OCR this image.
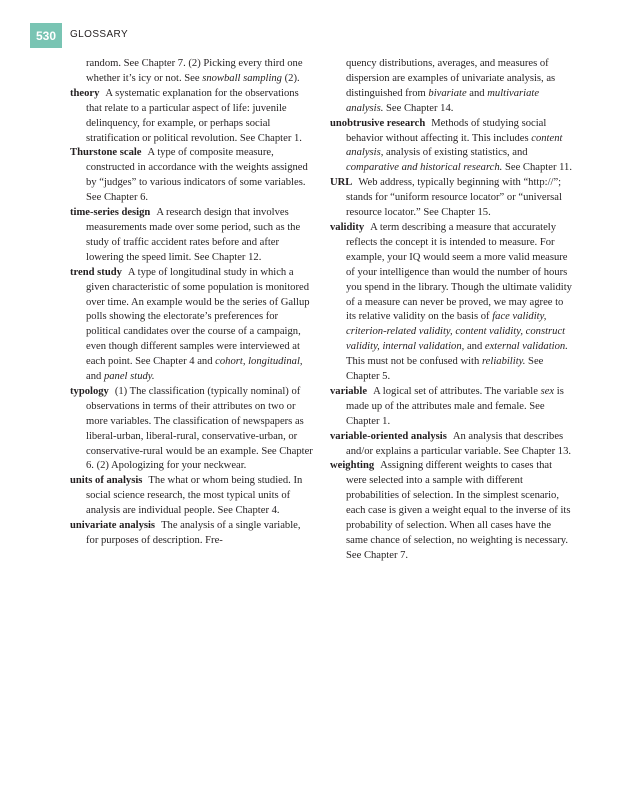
530	GLOSSARY

random. See Chapter 7. (2) Picking every third one whether it’s icy or not. See snowball sampling (2).

theory A systematic explanation for the observations that relate to a particular aspect of life: juvenile delinquency, for example, or perhaps social stratification or political revolution. See Chapter 1.

Thurstone scale A type of composite measure, constructed in accordance with the weights assigned by “judges” to various indicators of some variables. See Chapter 6.

time-series design A research design that involves measurements made over some period, such as the study of traffic accident rates before and after lowering the speed limit. See Chapter 12.

trend study A type of longitudinal study in which a given characteristic of some population is monitored over time. An example would be the series of Gallup polls showing the electorate’s preferences for political candidates over the course of a campaign, even though different samples were interviewed at each point. See Chapter 4 and cohort, longitudinal, and panel study.

typology (1) The classification (typically nominal) of observations in terms of their attributes on two or more variables. The classification of newspapers as liberal-urban, liberal-rural, conservative-urban, or conservative-rural would be an example. See Chapter 6. (2) Apologizing for your neckwear.

units of analysis The what or whom being studied. In social science research, the most typical units of analysis are individual people. See Chapter 4.

univariate analysis The analysis of a single variable, for purposes of description. Fre-

quency distributions, averages, and measures of dispersion are examples of univariate analysis, as distinguished from bivariate and multivariate analysis. See Chapter 14.

unobtrusive research Methods of studying social behavior without affecting it. This includes content analysis, analysis of existing statistics, and comparative and historical research. See Chapter 11.

URL Web address, typically beginning with “http://”; stands for “uniform resource locator” or “universal resource locator.” See Chapter 15.

validity A term describing a measure that accurately reflects the concept it is intended to measure. For example, your IQ would seem a more valid measure of your intelligence than would the number of hours you spend in the library. Though the ultimate validity of a measure can never be proved, we may agree to its relative validity on the basis of face validity, criterion-related validity, content validity, construct validity, internal validation, and external validation. This must not be confused with reliability. See Chapter 5.

variable A logical set of attributes. The variable sex is made up of the attributes male and female. See Chapter 1.

variable-oriented analysis An analysis that describes and/or explains a particular variable. See Chapter 13.

weighting Assigning different weights to cases that were selected into a sample with different probabilities of selection. In the simplest scenario, each case is given a weight equal to the inverse of its probability of selection. When all cases have the same chance of selection, no weighting is necessary. See Chapter 7.
